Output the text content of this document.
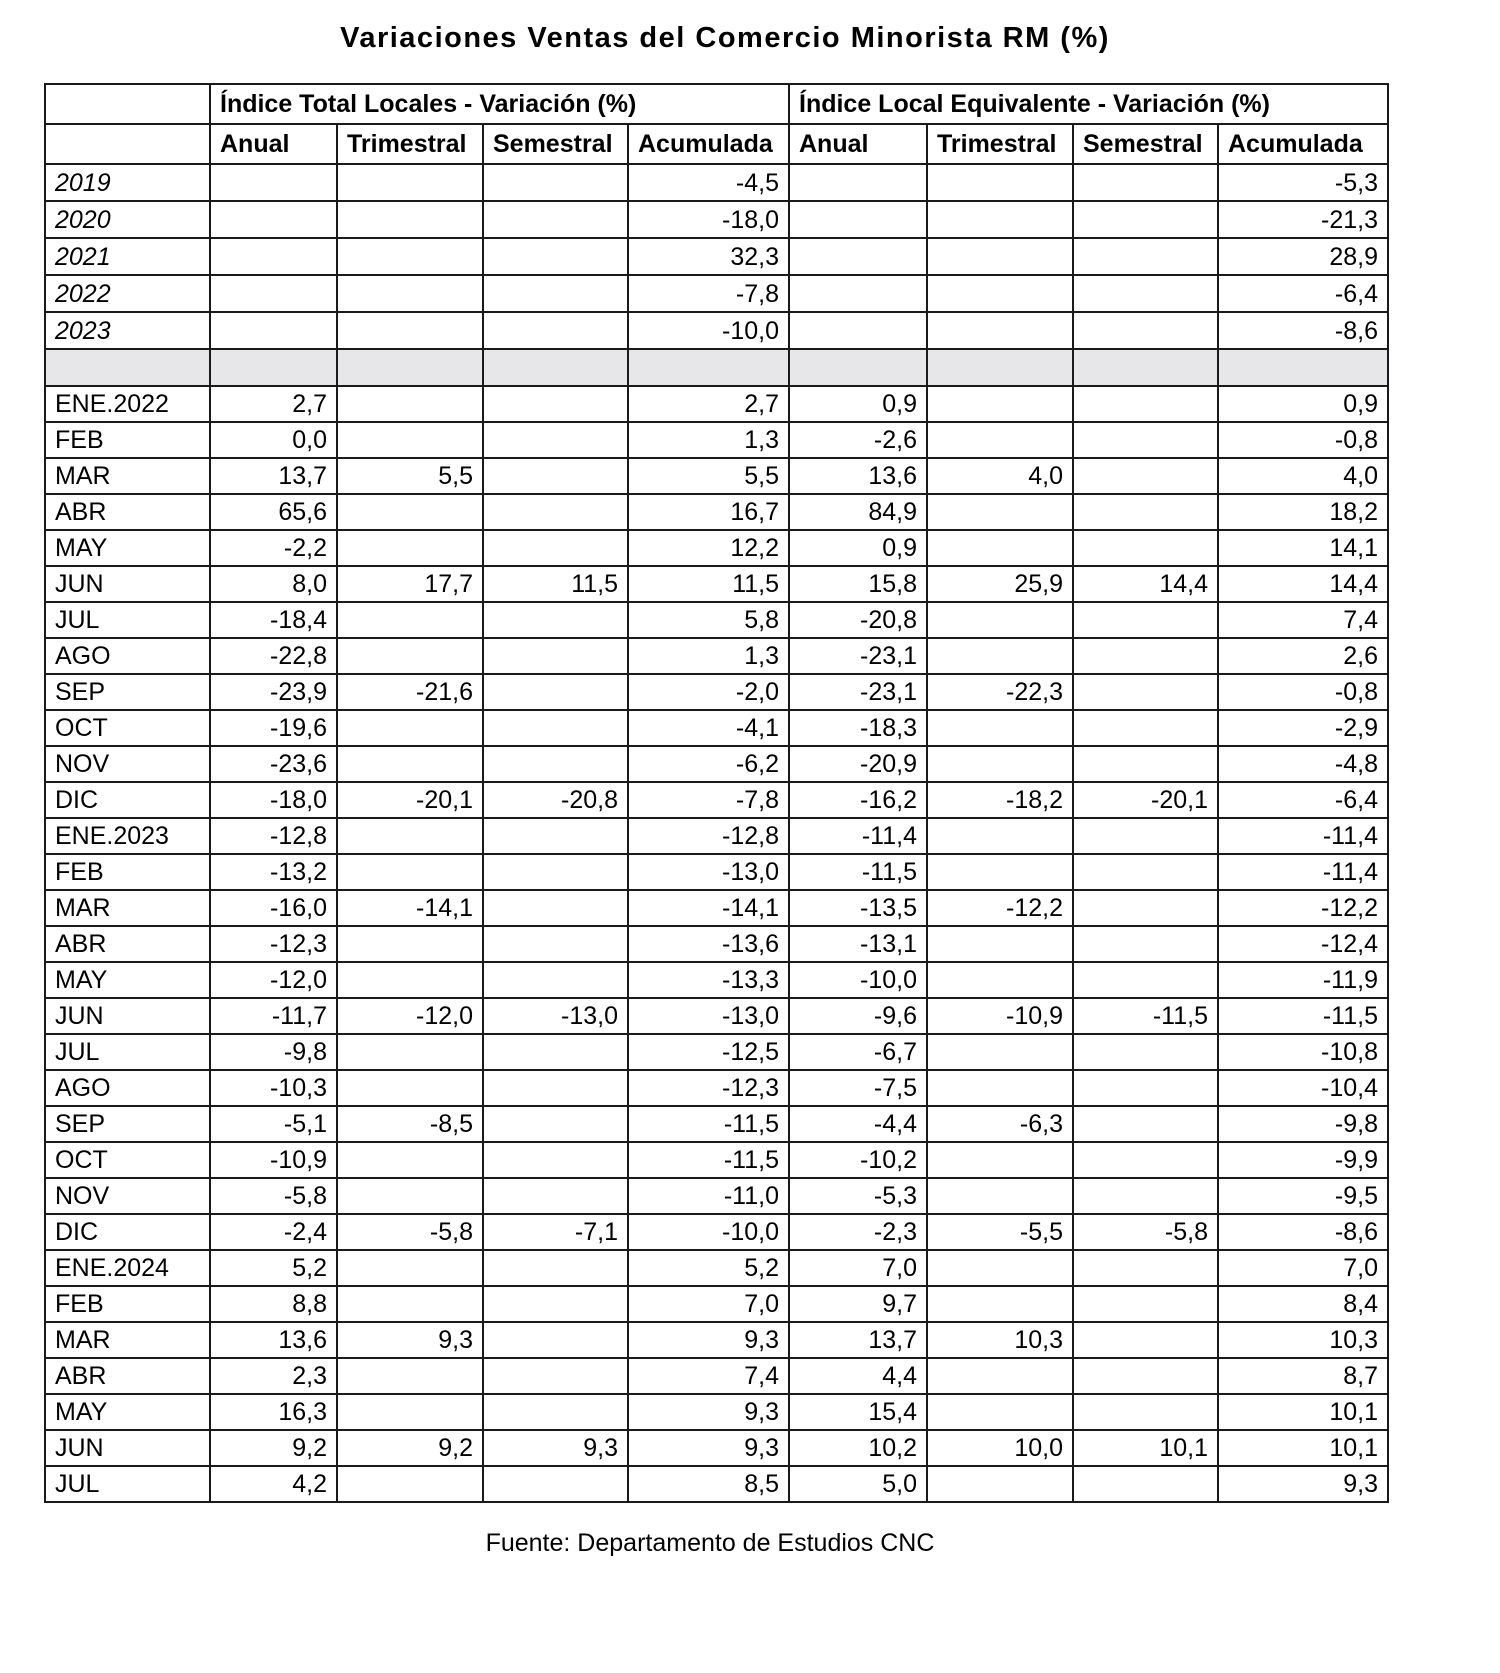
Variaciones Ventas del Comercio Minorista RM (%)
	Índice Total Locales - Variación (%)				Índice Local Equivalente - Variación (%)			
	Anual	Trimestral	Semestral	Acumulada	Anual	Trimestral	Semestral	Acumulada
2019				-4,5				-5,3
2020				-18,0				-21,3
2021				32,3				28,9
2022				-7,8				-6,4
2023				-10,0				-8,6

ENE.2022	2,7			2,7	0,9			0,9
FEB	0,0			1,3	-2,6			-0,8
MAR	13,7	5,5		5,5	13,6	4,0		4,0
ABR	65,6			16,7	84,9			18,2
MAY	-2,2			12,2	0,9			14,1
JUN	8,0	17,7	11,5	11,5	15,8	25,9	14,4	14,4
JUL	-18,4			5,8	-20,8			7,4
AGO	-22,8			1,3	-23,1			2,6
SEP	-23,9	-21,6		-2,0	-23,1	-22,3		-0,8
OCT	-19,6			-4,1	-18,3			-2,9
NOV	-23,6			-6,2	-20,9			-4,8
DIC	-18,0	-20,1	-20,8	-7,8	-16,2	-18,2	-20,1	-6,4
ENE.2023	-12,8			-12,8	-11,4			-11,4
FEB	-13,2			-13,0	-11,5			-11,4
MAR	-16,0	-14,1		-14,1	-13,5	-12,2		-12,2
ABR	-12,3			-13,6	-13,1			-12,4
MAY	-12,0			-13,3	-10,0			-11,9
JUN	-11,7	-12,0	-13,0	-13,0	-9,6	-10,9	-11,5	-11,5
JUL	-9,8			-12,5	-6,7			-10,8
AGO	-10,3			-12,3	-7,5			-10,4
SEP	-5,1	-8,5		-11,5	-4,4	-6,3		-9,8
OCT	-10,9			-11,5	-10,2			-9,9
NOV	-5,8			-11,0	-5,3			-9,5
DIC	-2,4	-5,8	-7,1	-10,0	-2,3	-5,5	-5,8	-8,6
ENE.2024	5,2			5,2	7,0			7,0
FEB	8,8			7,0	9,7			8,4
MAR	13,6	9,3		9,3	13,7	10,3		10,3
ABR	2,3			7,4	4,4			8,7
MAY	16,3			9,3	15,4			10,1
JUN	9,2	9,2	9,3	9,3	10,2	10,0	10,1	10,1
JUL	4,2			8,5	5,0			9,3
Fuente: Departamento de Estudios CNC
